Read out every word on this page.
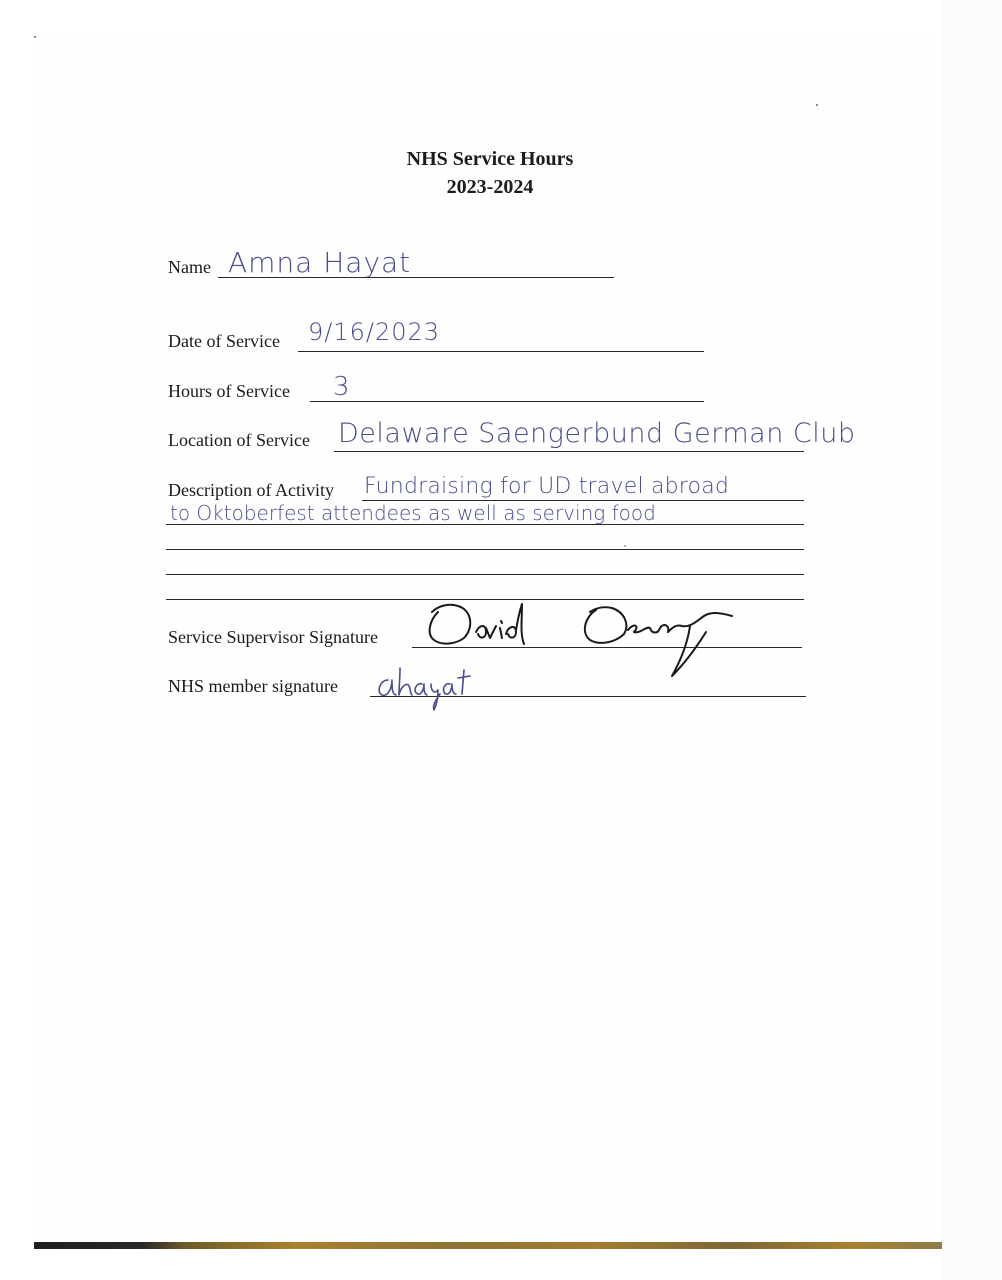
NHS Service Hours
2023-2024
Name Amna Hayat
Date of Service 9/16/2023
Hours of Service 3
Location of Service Delaware Saengerbund German Club
Description of Activity Fundraising for UD travel abroad
to Oktoberfest attendees as well as serving food
Service Supervisor Signature
NHS member signature
